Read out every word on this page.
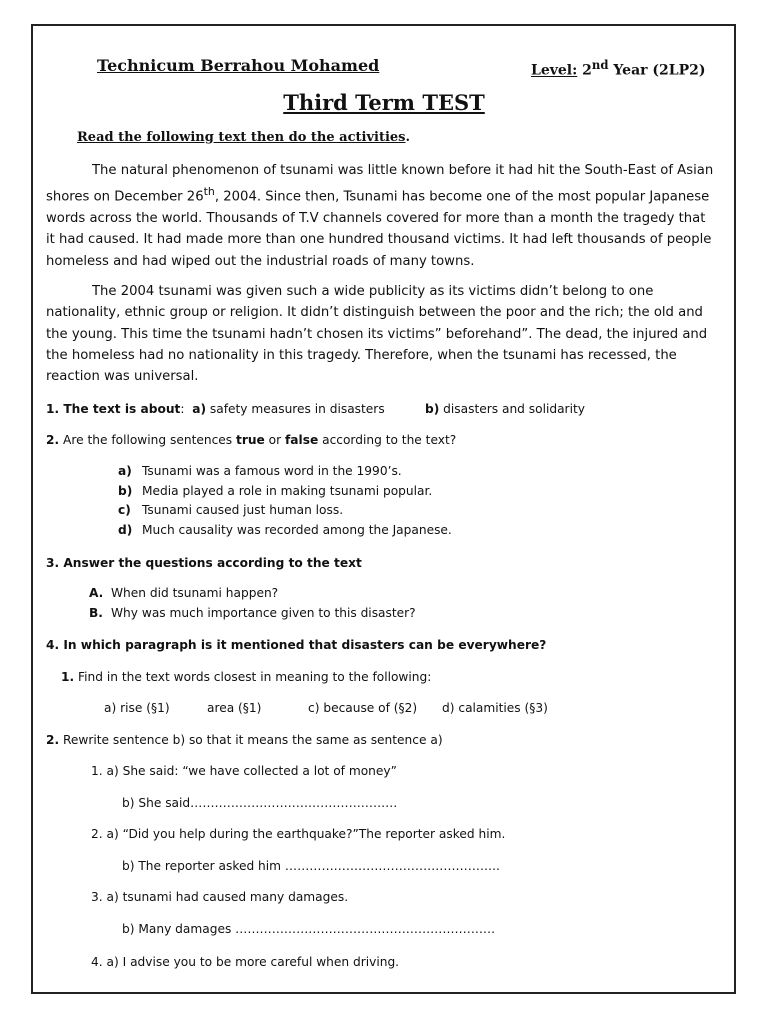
Technicum Berrahou Mohamed	Level: 2nd Year (2LP2)
Third Term TEST
Read the following text then do the activities.

The natural phenomenon of tsunami was little known before it had hit the South-East of Asian shores on December 26th, 2004. Since then, Tsunami has become one of the most popular Japanese words across the world. Thousands of T.V channels covered for more than a month the tragedy that it had caused. It had made more than one hundred thousand victims. It had left thousands of people homeless and had wiped out the industrial roads of many towns.

The 2004 tsunami was given such a wide publicity as its victims didn’t belong to one nationality, ethnic group or religion. It didn’t distinguish between the poor and the rich; the old and the young. This time the tsunami hadn’t chosen its victims” beforehand”. The dead, the injured and the homeless had no nationality in this tragedy. Therefore, when the tsunami has recessed, the reaction was universal.

1. The text is about: a) safety measures in disasters	b) disasters and solidarity
2. Are the following sentences true or false according to the text?
a) Tsunami was a famous word in the 1990’s.
b) Media played a role in making tsunami popular.
c) Tsunami caused just human loss.
d) Much causality was recorded among the Japanese.
3. Answer the questions according to the text
A. When did tsunami happen?
B. Why was much importance given to this disaster?
4. In which paragraph is it mentioned that disasters can be everywhere?
1. Find in the text words closest in meaning to the following:
a) rise (§1)	area (§1)	c) because of (§2) d) calamities (§3)
2. Rewrite sentence b) so that it means the same as sentence a)
1. a) She said: “we have collected a lot of money”
b) She said……………………………………………
2. a) “Did you help during the earthquake?”The reporter asked him.
b) The reporter asked him ……………………………………………..
3. a) tsunami had caused many damages.
b) Many damages ……………………………………………………….
4. a) I advise you to be more careful when driving.
